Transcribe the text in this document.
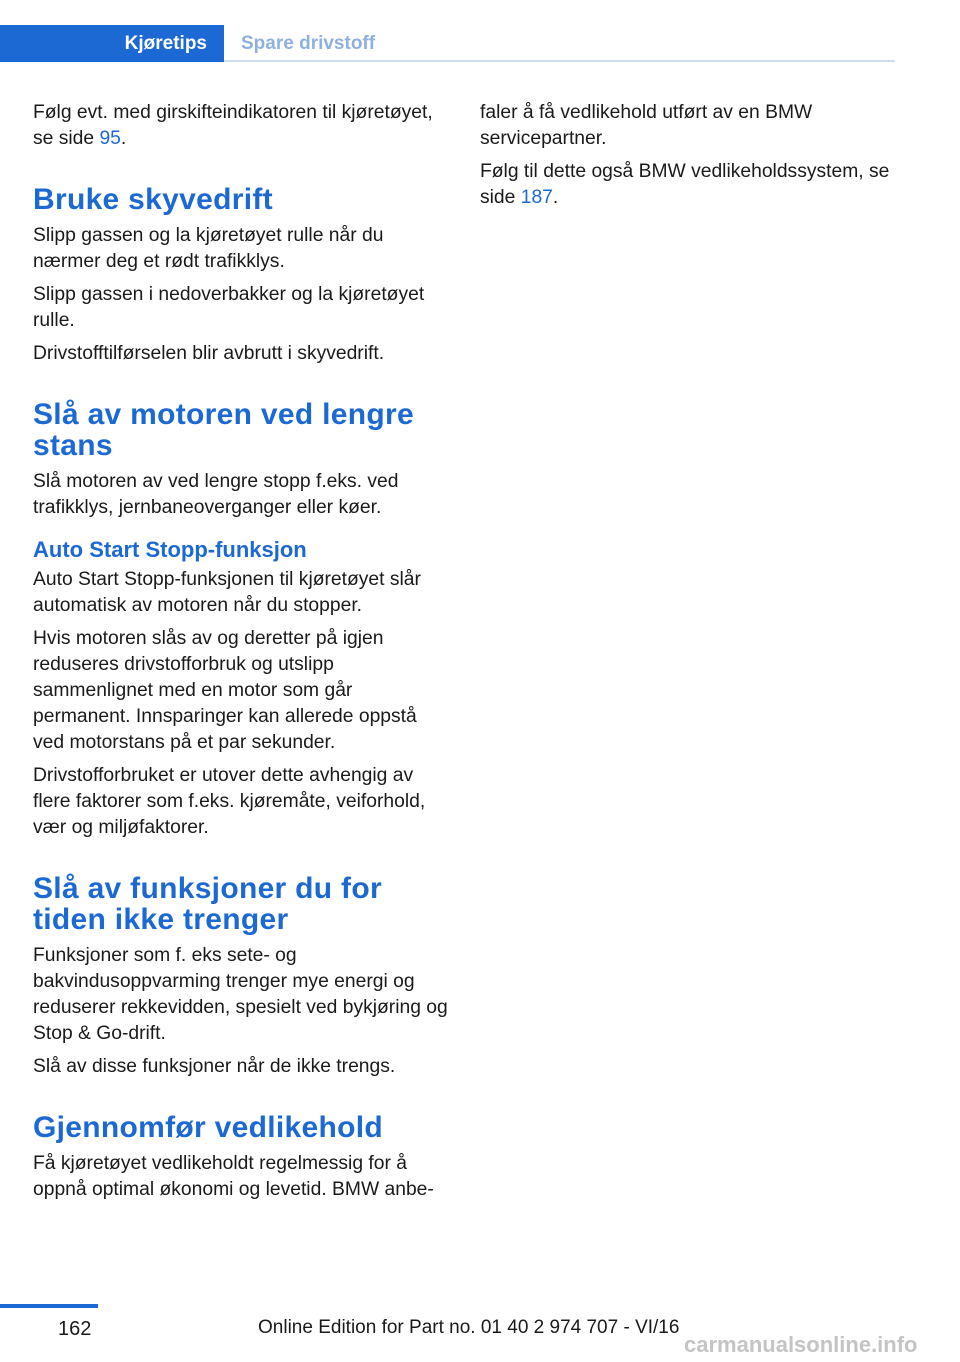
Kjøretips	Spare drivstoff

Følg evt. med girskifteindikatoren til kjøretøyet, se side 95.

Bruke skyvedrift

Slipp gassen og la kjøretøyet rulle når du nærmer deg et rødt trafikklys.

Slipp gassen i nedoverbakker og la kjøretøyet rulle.

Drivstofftilførselen blir avbrutt i skyvedrift.

Slå av motoren ved lengre stans

Slå motoren av ved lengre stopp f.eks. ved trafikklys, jernbaneoverganger eller køer.

Auto Start Stopp-funksjon

Auto Start Stopp-funksjonen til kjøretøyet slår automatisk av motoren når du stopper.

Hvis motoren slås av og deretter på igjen reduseres drivstofforbruk og utslipp sammenlignet med en motor som går permanent. Innsparinger kan allerede oppstå ved motorstans på et par sekunder.

Drivstofforbruket er utover dette avhengig av flere faktorer som f.eks. kjøremåte, veiforhold, vær og miljøfaktorer.

Slå av funksjoner du for tiden ikke trenger

Funksjoner som f. eks sete- og bakvindusoppvarming trenger mye energi og reduserer rekkevidden, spesielt ved bykjøring og Stop & Go-drift.

Slå av disse funksjoner når de ikke trengs.

Gjennomfør vedlikehold

Få kjøretøyet vedlikeholdt regelmessig for å oppnå optimal økonomi og levetid. BMW anbe-

faler å få vedlikehold utført av en BMW servicepartner.

Følg til dette også BMW vedlikeholdssystem, se side 187.

162	Online Edition for Part no. 01 40 2 974 707 - VI/16
carmanualsonline.info
